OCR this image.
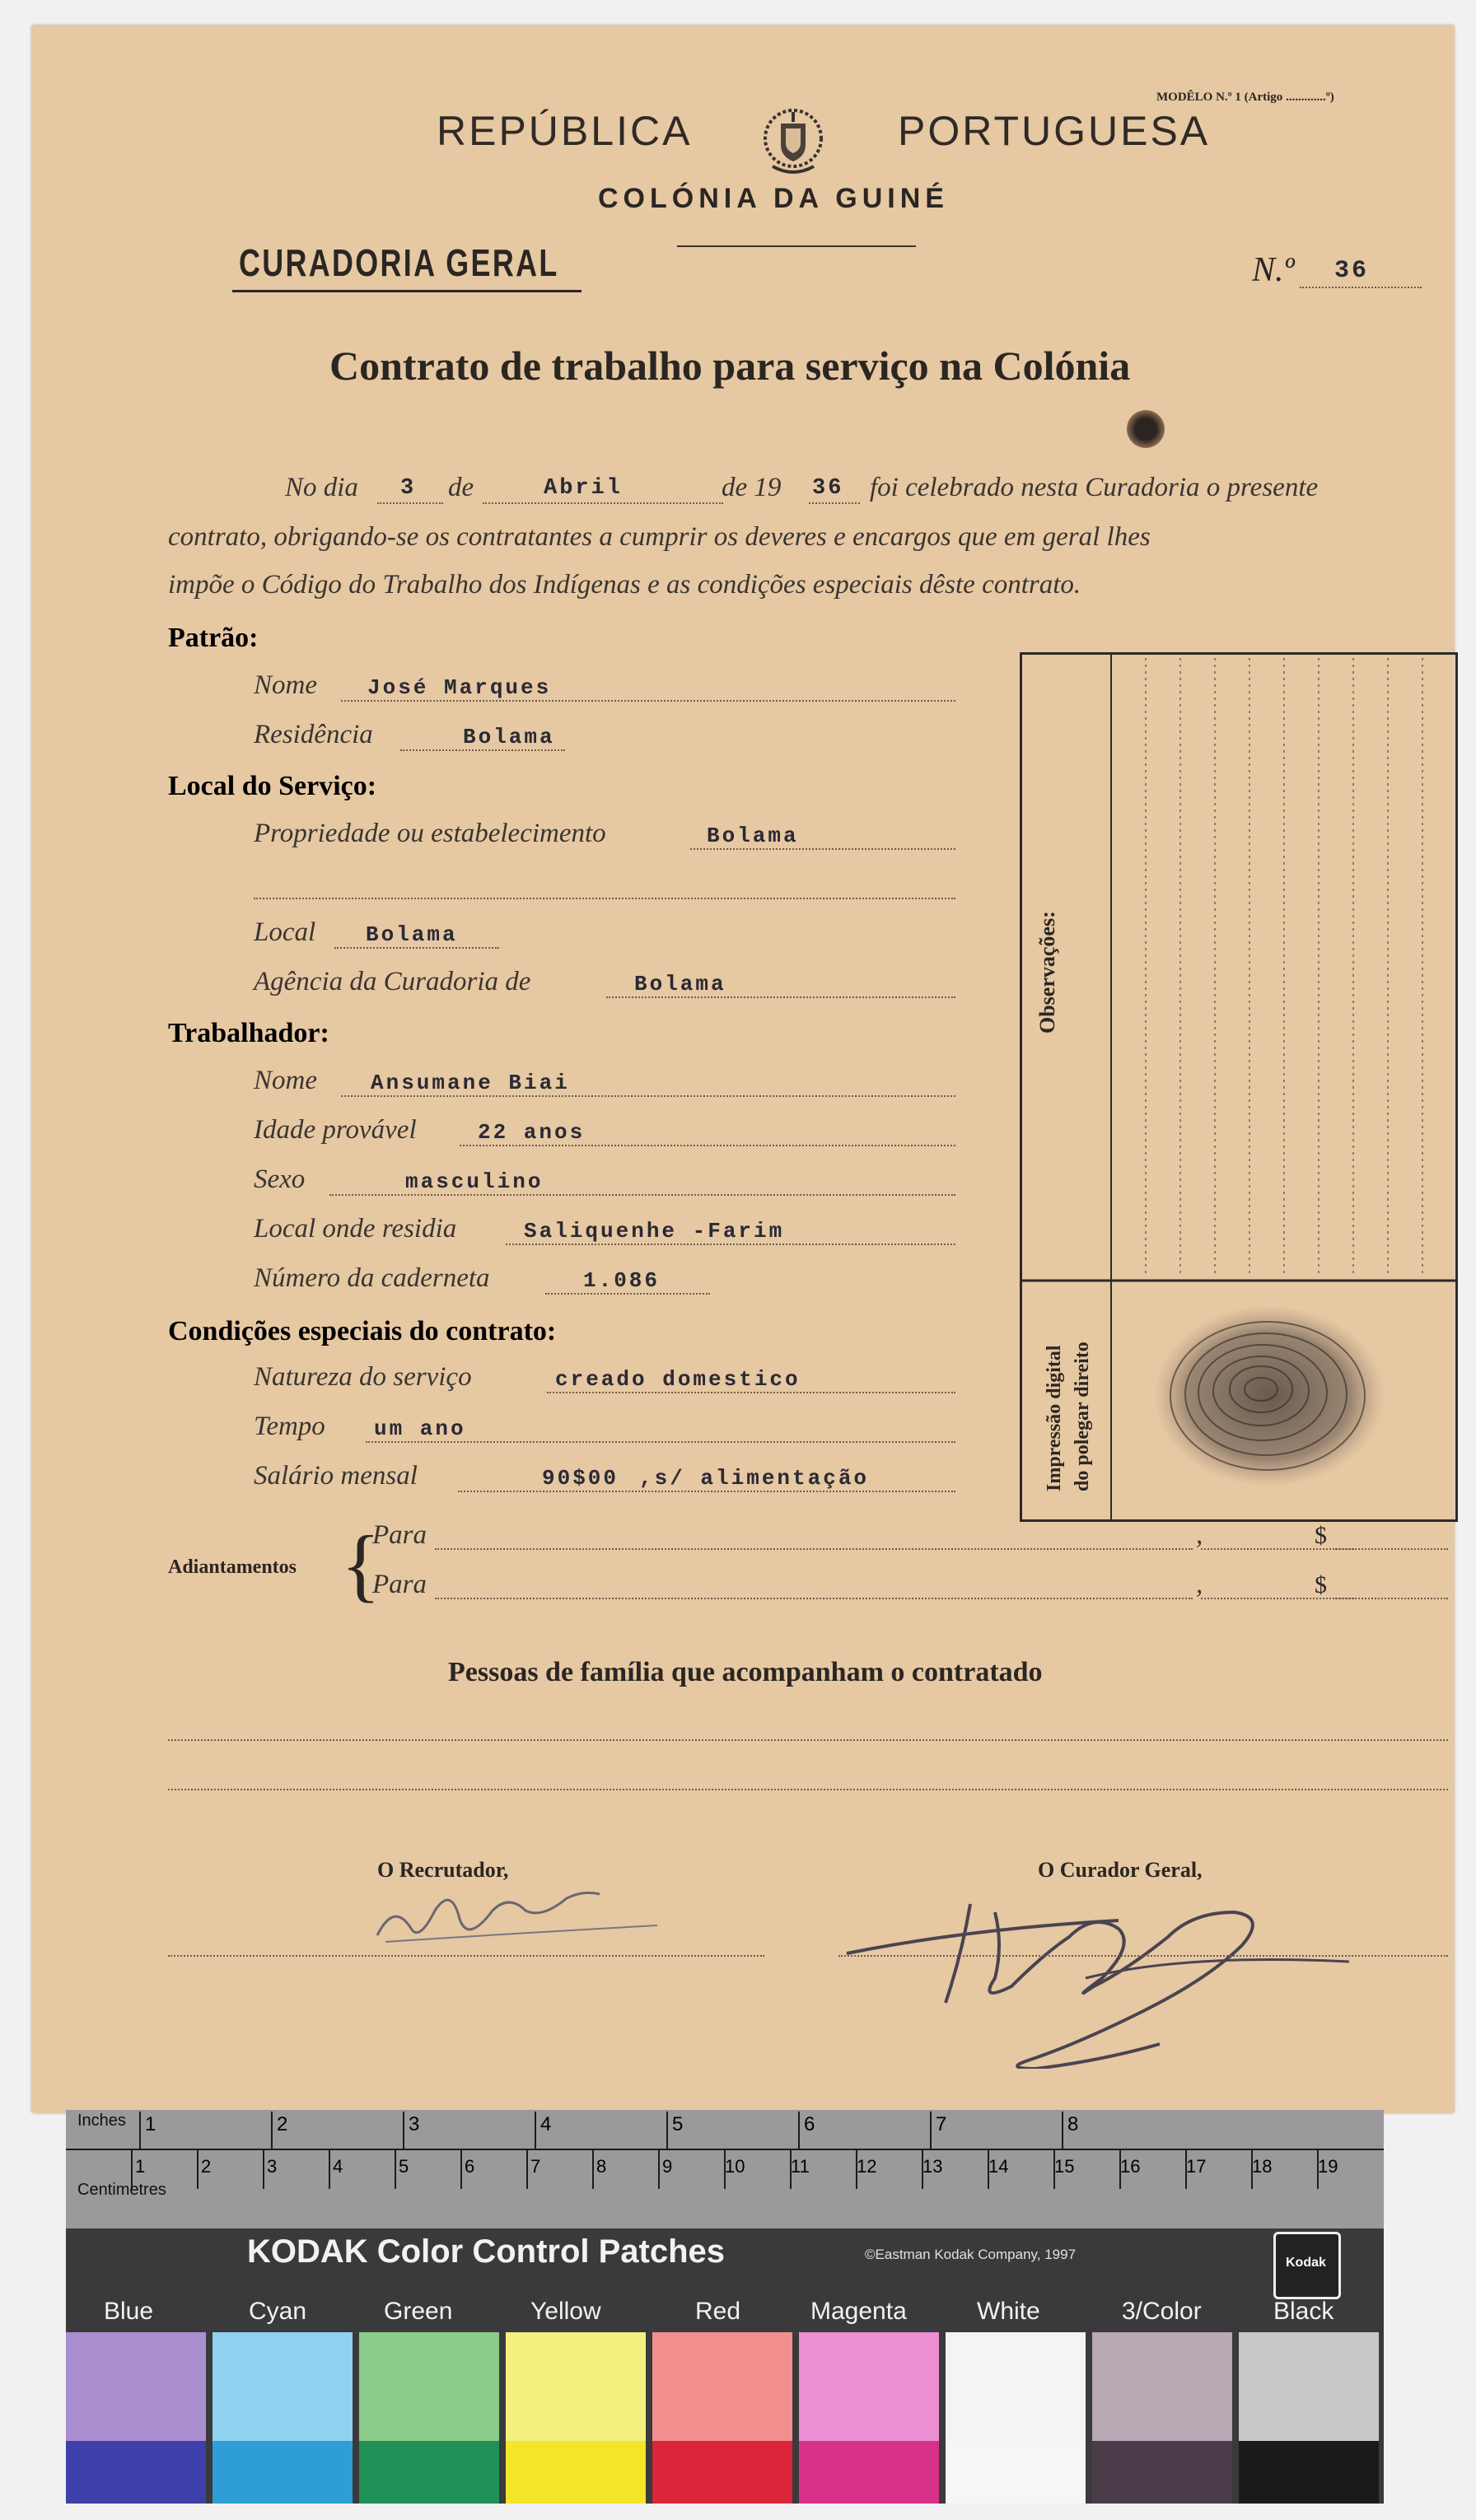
MODÊLO N.º 1 (Artigo .............º)
REPÚBLICA	PORTUGUESA
COLÓNIA DA GUINÉ
CURADORIA GERAL	N.º 36
Contrato de trabalho para serviço na Colónia
No dia 3 de	Abril	de 19 36 foi celebrado nesta Curadoria o presente
contrato, obrigando-se os contratantes a cumprir os deveres e encargos que em geral lhes
impõe o Código do Trabalho dos Indígenas e as condições especiais dêste contrato.
Patrão:
Nome José Marques
Residência	Bolama
Local do Serviço:
Propriedade ou estabelecimento	Bolama
Local Bolama
Agência da Curadoria de	Bolama
Trabalhador:
Nome	Ansumane Biai
Idade provável	22 anos
Sexo	masculino
Local onde residia	Saliquenhe -Farim
Número da caderneta	1.086
Condições especiais do contrato:
Natureza do serviço	creado domestico
Tempo um ano
Salário mensal	90$00 ,s/ alimentação
Observações:
Impressão digital do polegar direito
Adiantamentos {
Para	,	$
Para	,	$
Pessoas de família que acompanham o contratado
O Recrutador,	O Curador Geral,
Inches
Centimetres
1	2	3	4	5	6	7	8
1	2	3	4	5	6	7	8	9	10	11	12	13	14	15	16	17	18	19
KODAK Color Control Patches	©Eastman Kodak Company, 1997
Kodak
Blue	Cyan	Green	Yellow	Red	Magenta	White	3/Color	Black
